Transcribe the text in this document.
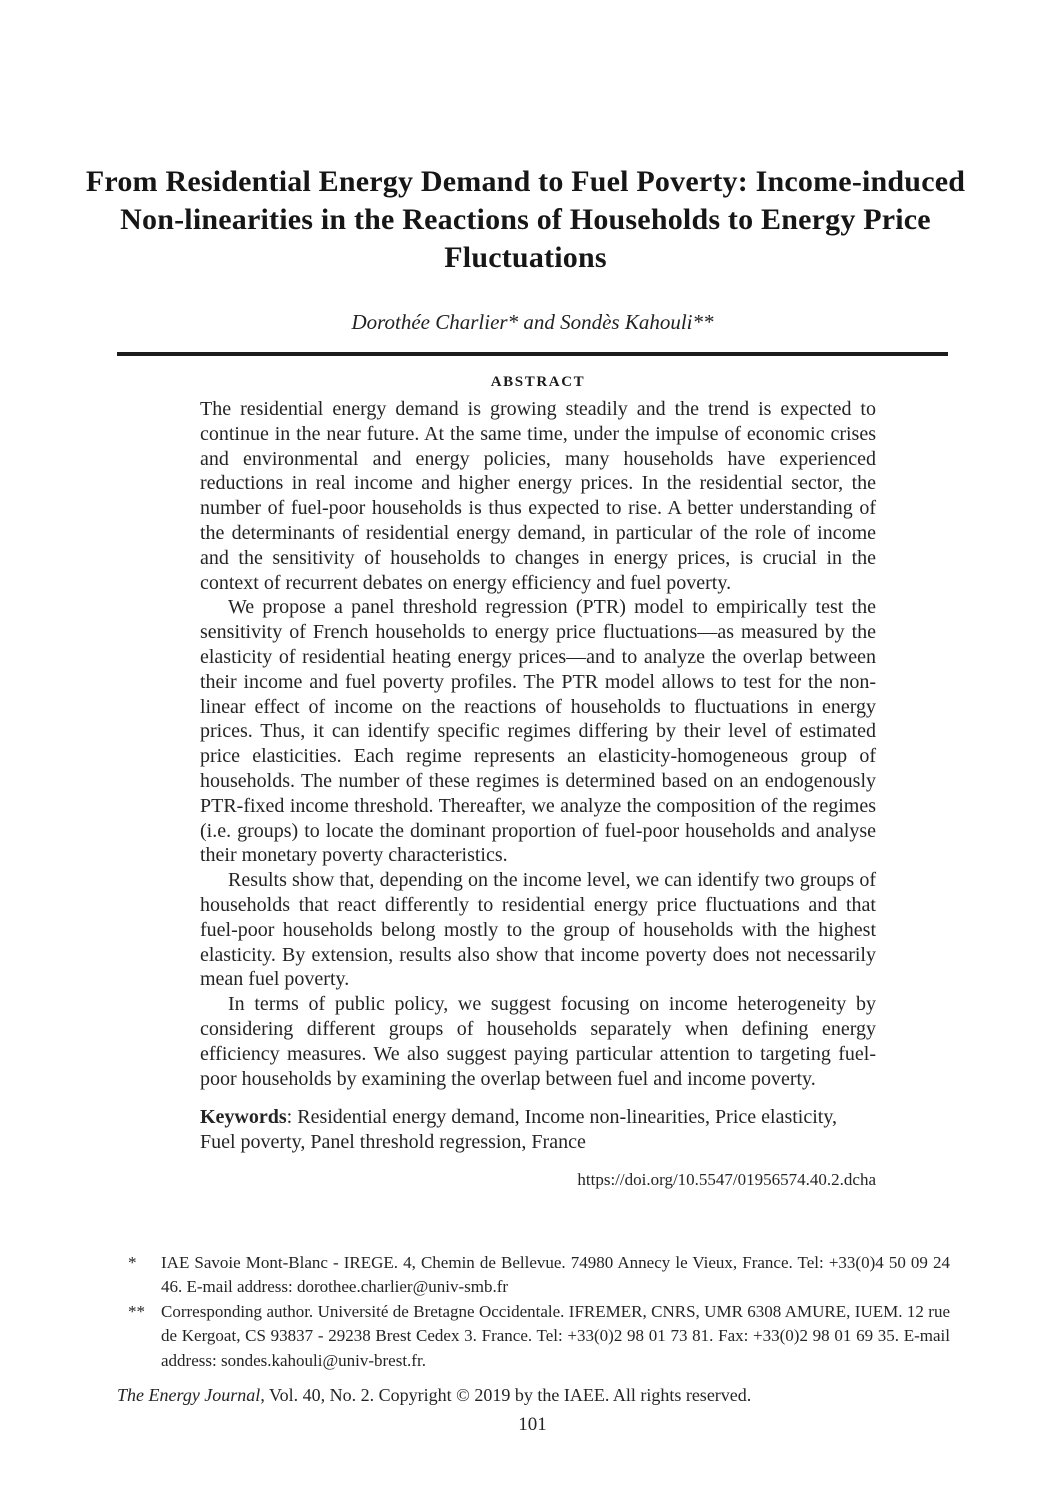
From Residential Energy Demand to Fuel Poverty: Income-induced
Non-linearities in the Reactions of Households to Energy Price
Fluctuations
Dorothée Charlier* and Sondès Kahouli**
ABSTRACT

The residential energy demand is growing steadily and the trend is expected to continue in the near future. At the same time, under the impulse of economic crises and environmental and energy policies, many households have experienced reductions in real income and higher energy prices. In the residential sector, the number of fuel-poor households is thus expected to rise. A better understanding of the determinants of residential energy demand, in particular of the role of income and the sensitivity of households to changes in energy prices, is crucial in the context of recurrent debates on energy efficiency and fuel poverty.

We propose a panel threshold regression (PTR) model to empirically test the sensitivity of French households to energy price fluctuations—as measured by the elasticity of residential heating energy prices—and to analyze the overlap between their income and fuel poverty profiles. The PTR model allows to test for the non-linear effect of income on the reactions of households to fluctuations in energy prices. Thus, it can identify specific regimes differing by their level of estimated price elasticities. Each regime represents an elasticity-homogeneous group of households. The number of these regimes is determined based on an endogenously PTR-fixed income threshold. Thereafter, we analyze the composition of the regimes (i.e. groups) to locate the dominant proportion of fuel-poor households and analyse their monetary poverty characteristics.

Results show that, depending on the income level, we can identify two groups of households that react differently to residential energy price fluctuations and that fuel-poor households belong mostly to the group of households with the highest elasticity. By extension, results also show that income poverty does not necessarily mean fuel poverty.

In terms of public policy, we suggest focusing on income heterogeneity by considering different groups of households separately when defining energy efficiency measures. We also suggest paying particular attention to targeting fuel-poor households by examining the overlap between fuel and income poverty.

Keywords: Residential energy demand, Income non-linearities, Price elasticity, Fuel poverty, Panel threshold regression, France

https://doi.org/10.5547/01956574.40.2.dcha
*	IAE Savoie Mont-Blanc - IREGE. 4, Chemin de Bellevue. 74980 Annecy le Vieux, France. Tel: +33(0)4 50 09 24 46. E-mail address: dorothee.charlier@univ-smb.fr
** Corresponding author. Université de Bretagne Occidentale. IFREMER, CNRS, UMR 6308 AMURE, IUEM. 12 rue de Kergoat, CS 93837 - 29238 Brest Cedex 3. France. Tel: +33(0)2 98 01 73 81. Fax: +33(0)2 98 01 69 35. E-mail address: sondes.kahouli@univ-brest.fr.
The Energy Journal, Vol. 40, No. 2. Copyright © 2019 by the IAEE. All rights reserved.
101
